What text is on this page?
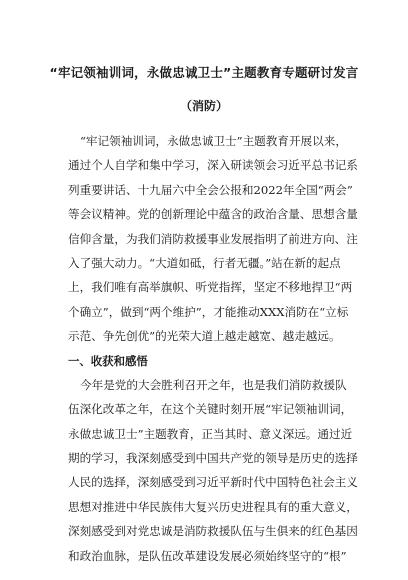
“牢记领袖训词，永做忠诚卫士”主题教育专题研讨发言
（消防）
“牢记领袖训词，永做忠诚卫士”主题教育开展以来，
通过个人自学和集中学习，深入研读领会习近平总书记系
列重要讲话、十九届六中全会公报和2022年全国“两会”
等会议精神。党的创新理论中蕴含的政治含量、思想含量
信仰含量，为我们消防救援事业发展指明了前进方向、注
入了强大动力。“大道如砥，行者无疆。”站在新的起点
上，我们唯有高举旗帜、听党指挥，坚定不移地捍卫“两
个确立”，做到“两个维护”，才能推动XXX消防在“立标
示范、争先创优”的光荣大道上越走越宽、越走越远。
一、收获和感悟
今年是党的大会胜利召开之年，也是我们消防救援队
伍深化改革之年，在这个关键时刻开展“牢记领袖训词，
永做忠诚卫士”主题教育，正当其时、意义深远。通过近
期的学习，我深刻感受到中国共产党的领导是历史的选择
人民的选择，深刻感受到习近平新时代中国特色社会主义
思想对推进中华民族伟大复兴历史进程具有的重大意义，
深刻感受到对党忠诚是消防救援队伍与生俱来的红色基因
和政治血脉，是队伍改革建设发展必须始终坚守的“根”
